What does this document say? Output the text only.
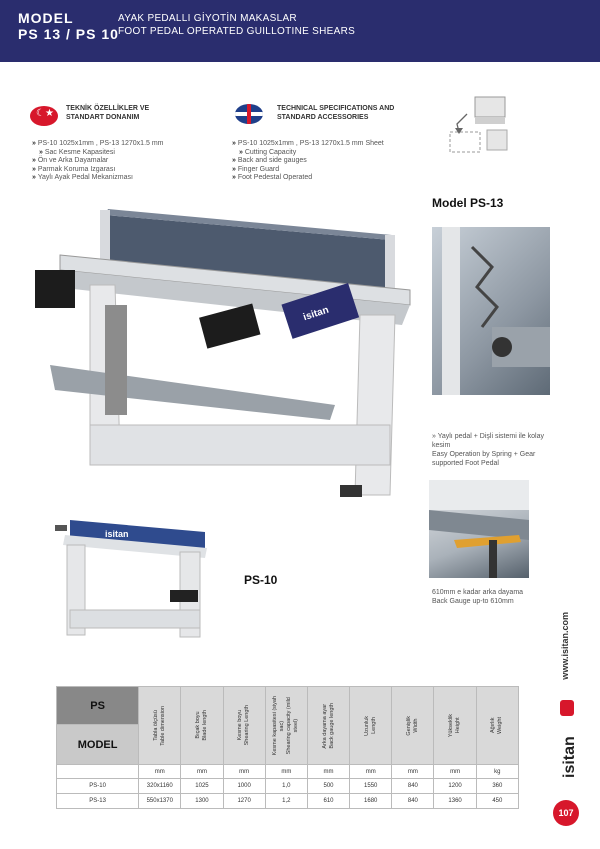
MODEL
PS 13 / PS 10
AYAK PEDALLI GİYOTİN MAKASLAR
FOOT PEDAL OPERATED GUILLOTINE SHEARS
☾★
TEKNİK ÖZELLİKLER VE
STANDART DONANIM
» PS-10 1025x1mm , PS-13 1270x1.5 mm
» Sac Kesme Kapasitesi
» Ön ve Arka Dayamalar
» Parmak Koruma Izgarası
» Yaylı Ayak Pedal Mekanizması
TECHNICAL SPECIFICATIONS AND
STANDARD ACCESSORIES
» PS-10 1025x1mm , PS-13 1270x1.5 mm Sheet
» Cutting Capacity
» Back and side gauges
» Finger Guard
» Foot Pedestal Operated
Model PS-13
isitan
isitan
PS-10
» Yaylı pedal + Dişli sistemi ile kolay
kesim
Easy Operation by Spring + Gear
supported Foot Pedal
610mm e kadar arka dayama
Back Gauge up-to 610mm
PS	Tabla ölçüsü
Table dimension	Bıçak boyu
Blade length	Kesme boyu
Shearing Length	Kesme kapasitesi (siyah
sac)
Shearing capacity (mild
steel)	Arka dayama ayar
Back gauge length	Uzunluk
Length	Genişlik
Width	Yükseklik
Height	Ağırlık
Weight

MODEL									
	mm	mm	mm	mm	mm	mm	mm	mm	kg
PS-10	320x1160	1025	1000	1,0	500	1550	840	1200	360
PS-13	550x1370	1300	1270	1,2	610	1680	840	1360	450
www.isitan.com
isitan
107
